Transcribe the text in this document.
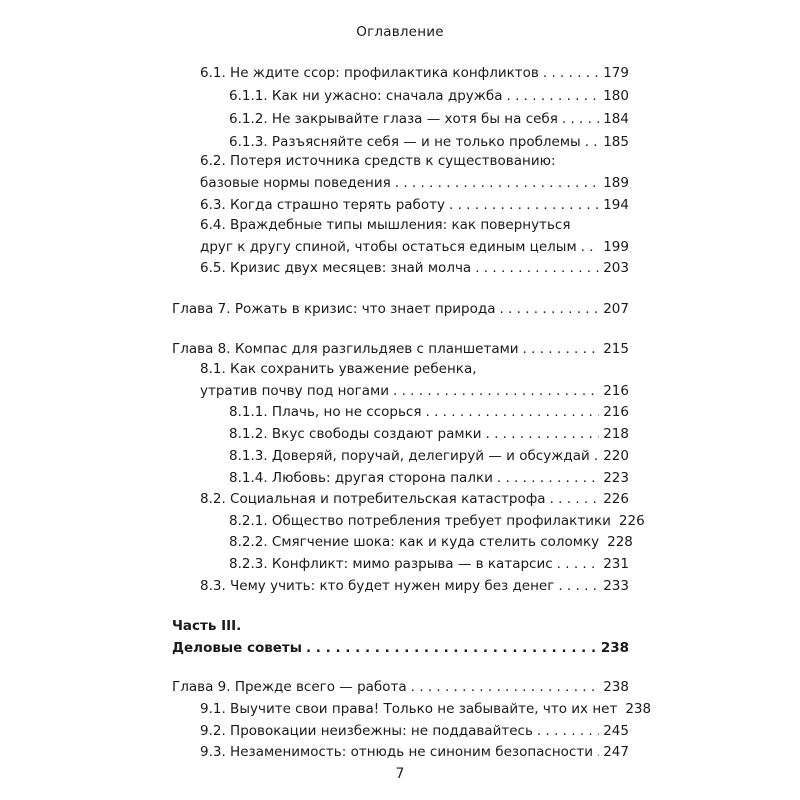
Оглавление
6.1. Не ждите ссор: профилактика конфликтов . . .	179
6.1.1. Как ни ужасно: сначала дружба . . .	180
6.1.2. Не закрывайте глаза — хотя бы на себя . . .	184
6.1.3. Разъясняйте себя — и не только проблемы . . . 185
6.2. Потеря источника средств к существованию:
базовые нормы поведения . . .	189
6.3. Когда страшно терять работу . . .	194
6.4. Враждебные типы мышления: как повернуться
друг к другу спиной, чтобы остаться единым целым . . . 199
6.5. Кризис двух месяцев: знай молча . . .	203
Глава 7. Рожать в кризис: что знает природа . . .	207
Глава 8. Компас для разгильдяев с планшетами . . .	215
8.1. Как сохранить уважение ребенка,
утратив почву под ногами . . .	216
8.1.1. Плачь, но не ссорься . . .	216
8.1.2. Вкус свободы создают рамки . . .	218
8.1.3. Доверяй, поручай, делегируй — и обсуждай . . . 220
8.1.4. Любовь: другая сторона палки . . .	223
8.2. Социальная и потребительская катастрофа . . .	226
8.2.1. Общество потребления требует профилактики 226
8.2.2. Смягчение шока: как и куда стелить соломку 228
8.2.3. Конфликт: мимо разрыва — в катарсис . . .	231
8.3. Чему учить: кто будет нужен миру без денег . . .	233
Часть III.
Деловые советы . . .	238
Глава 9. Прежде всего — работа . . .	238
9.1. Выучите свои права! Только не забывайте, что их нет 238
9.2. Провокации неизбежны: не поддавайтесь . . .	245
9.3. Незаменимость: отнюдь не синоним безопасности . . . 247
7
